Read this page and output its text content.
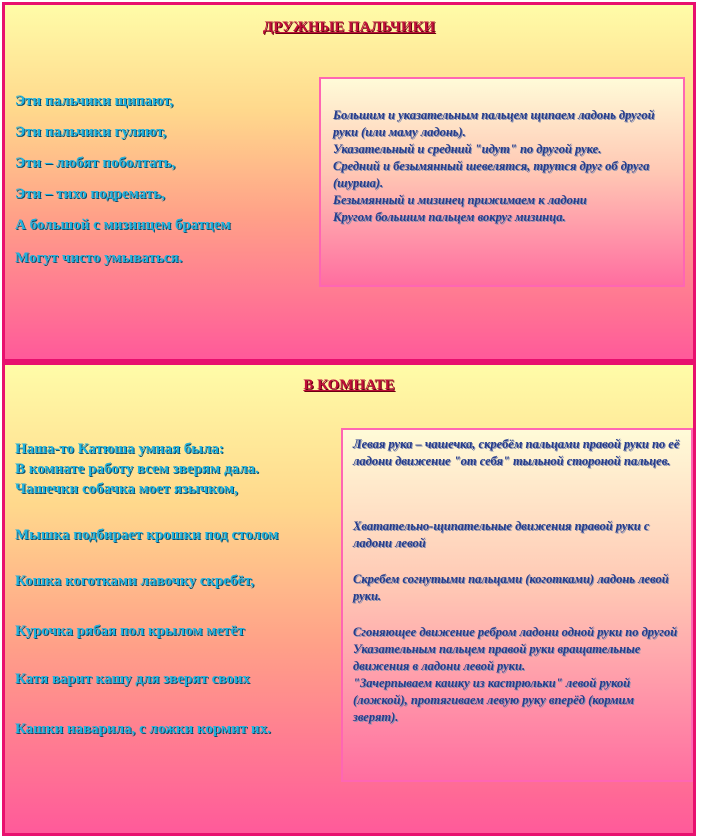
ДРУЖНЫЕ ПАЛЬЧИКИ
Эти пальчики щипают,
Эти пальчики гуляют,
Эти – любят поболтать,
Эти – тихо подремать,
А большой с мизинцем братцем
Могут чисто умываться.

Большим и указательным пальцем щипаем ладонь другой руки (или маму ладонь).

Указательный и средний "идут" по другой руке.

Средний и безымянный шевелятся, трутся друг об друга (шурша).

Безымянный и мизинец прижимаем к ладони

Кругом большим пальцем вокруг мизинца.

В КОМНАТЕ
Наша-то Катюша умная была:
В комнате работу всем зверям дала.
Чашечки собачка моет язычком,
Мышка подбирает крошки под столом
Кошка коготками лавочку скребёт,
Курочка рябая пол крылом метёт
Катя варит кашу для зверят своих
Кашки наварила, с ложки кормит их.

Левая рука – чашечка, скребём пальцами правой руки по её ладони движение "от себя" тыльной стороной пальцев.

Хватательно-щипательные движения правой руки с ладони левой

Скребем согнутыми пальцами (коготками) ладонь левой руки.

Сгоняющее движение ребром ладони одной руки по другой Указательным пальцем правой руки вращательные движения в ладони левой руки.

"Зачерпываем кашку из кастрюльки" левой рукой (ложкой), протягиваем левую руку вперёд (кормим зверят).
